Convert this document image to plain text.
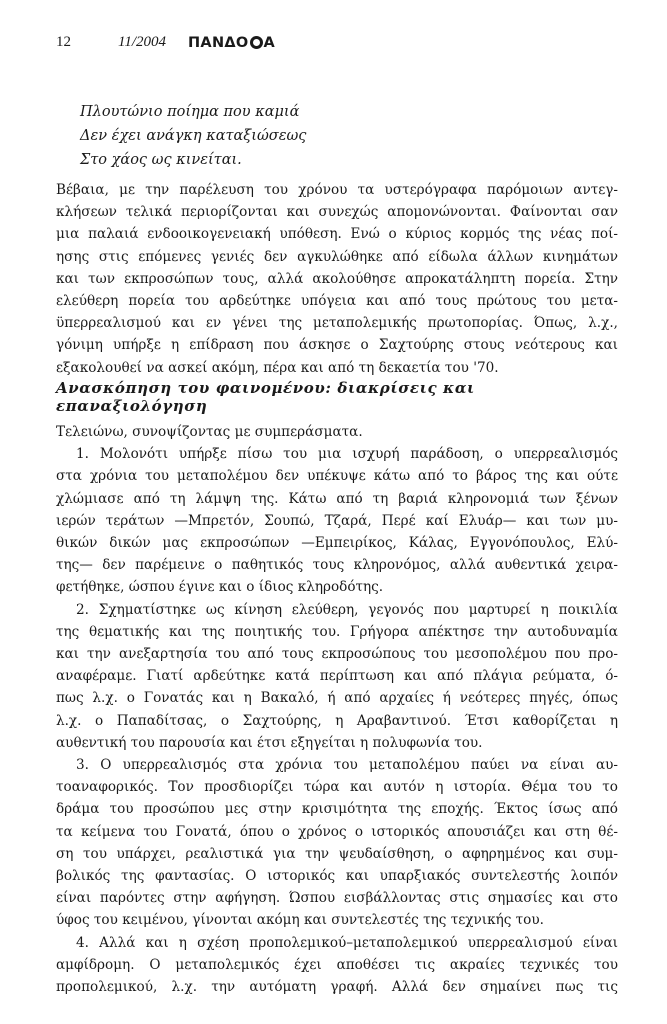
12	11/2004	ΠΑΝΔΟ Α
Πλουτώνιο ποίημα που καμιά
Δεν έχει ανάγκη καταξιώσεως
Στο χάος ως κινείται.
Βέβαια, με την παρέλευση του χρόνου τα υστερόγραφα παρόμοιων αντεγ-
κλήσεων τελικά περιορίζονται και συνεχώς απομονώνονται. Φαίνονται σαν
μια παλαιά ενδοοικογενειακή υπόθεση. Ενώ ο κύριος κορμός της νέας ποί-
ησης στις επόμενες γενιές δεν αγκυλώθηκε από είδωλα άλλων κινημάτων
και των εκπροσώπων τους, αλλά ακολούθησε απροκατάληπτη πορεία. Στην
ελεύθερη πορεία του αρδεύτηκε υπόγεια και από τους πρώτους του μετα-
ϋπερρεαλισμού και εν γένει της μεταπολεμικής πρωτοπορίας. Όπως, λ.χ.,
γόνιμη υπήρξε η επίδραση που άσκησε ο Σαχτούρης στους νεότερους και
εξακολουθεί να ασκεί ακόμη, πέρα και από τη δεκαετία του '70.
Ανασκόπηση του φαινομένου: διακρίσεις και επαναξιολόγηση
Τελειώνω, συνοψίζοντας με συμπεράσματα.
1. Μολονότι υπήρξε πίσω του μια ισχυρή παράδοση, ο υπερρεαλισμός
στα χρόνια του μεταπολέμου δεν υπέκυψε κάτω από το βάρος της και ούτε
χλώμιασε από τη λάμψη της. Κάτω από τη βαριά κληρονομιά των ξένων
ιερών τεράτων —Μπρετόν, Σουπώ, Τζαρά, Περέ καί Ελυάρ— και των μυ-
θικών δικών μας εκπροσώπων —Εμπειρίκος, Κάλας, Εγγονόπουλος, Ελύ-
της— δεν παρέμεινε ο παθητικός τους κληρονόμος, αλλά αυθεντικά χειρα-
φετήθηκε, ώσπου έγινε και ο ίδιος κληροδότης.
2. Σχηματίστηκε ως κίνηση ελεύθερη, γεγονός που μαρτυρεί η ποικιλία
της θεματικής και της ποιητικής του. Γρήγορα απέκτησε την αυτοδυναμία
και την ανεξαρτησία του από τους εκπροσώπους του μεσοπολέμου που προ-
αναφέραμε. Γιατί αρδεύτηκε κατά περίπτωση και από πλάγια ρεύματα, ό-
πως λ.χ. ο Γονατάς και η Βακαλό, ή από αρχαίες ή νεότερες πηγές, όπως
λ.χ. ο Παπαδίτσας, ο Σαχτούρης, η Αραβαντινού. Έτσι καθορίζεται η
αυθεντική του παρουσία και έτσι εξηγείται η πολυφωνία του.
3. Ο υπερρεαλισμός στα χρόνια του μεταπολέμου παύει να είναι αυ-
τοαναφορικός. Τον προσδιορίζει τώρα και αυτόν η ιστορία. Θέμα του το
δράμα του προσώπου μες στην κρισιμότητα της εποχής. Έκτος ίσως από
τα κείμενα του Γονατά, όπου ο χρόνος ο ιστορικός απουσιάζει και στη θέ-
ση του υπάρχει, ρεαλιστικά για την ψευδαίσθηση, ο αφηρημένος και συμ-
βολικός της φαντασίας. Ο ιστορικός και υπαρξιακός συντελεστής λοιπόν
είναι παρόντες στην αφήγηση. Ώσπου εισβάλλοντας στις σημασίες και στο
ύφος του κειμένου, γίνονται ακόμη και συντελεστές της τεχνικής του.
4. Αλλά και η σχέση προπολεμικού–μεταπολεμικού υπερρεαλισμού είναι
αμφίδρομη. Ο μεταπολεμικός έχει αποθέσει τις ακραίες τεχνικές του
προπολεμικού, λ.χ. την αυτόματη γραφή. Αλλά δεν σημαίνει πως τις
